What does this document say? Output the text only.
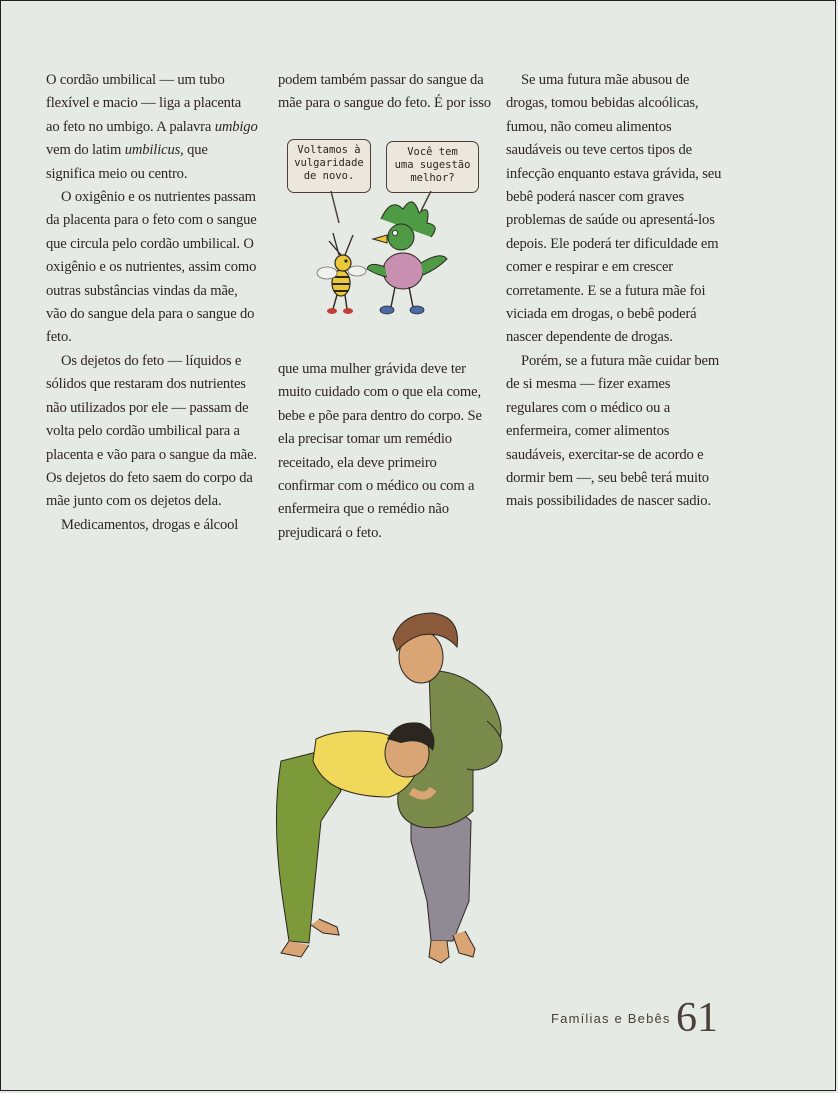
O cordão umbilical — um tubo flexível e macio — liga a placenta ao feto no umbigo. A palavra umbigo vem do latim umbilicus, que significa meio ou centro.

O oxigênio e os nutrientes passam da placenta para o feto com o sangue que circula pelo cordão umbilical. O oxigênio e os nutrientes, assim como outras substâncias vindas da mãe, vão do sangue dela para o sangue do feto.

Os dejetos do feto — líquidos e sólidos que restaram dos nutrientes não utilizados por ele — passam de volta pelo cordão umbilical para a placenta e vão para o sangue da mãe. Os dejetos do feto saem do corpo da mãe junto com os dejetos dela.

Medicamentos, drogas e álcool

podem também passar do sangue da mãe para o sangue do feto. É por isso

Voltamos à
vulgaridade
de novo.
Você tem
uma sugestão
melhor?

que uma mulher grávida deve ter muito cuidado com o que ela come, bebe e põe para dentro do corpo. Se ela precisar tomar um remédio receitado, ela deve primeiro confirmar com o médico ou com a enfermeira que o remédio não prejudicará o feto.

Se uma futura mãe abusou de drogas, tomou bebidas alcoólicas, fumou, não comeu alimentos saudáveis ou teve certos tipos de infecção enquanto estava grávida, seu bebê poderá nascer com graves problemas de saúde ou apresentá-los depois. Ele poderá ter dificuldade em comer e respirar e em crescer corretamente. E se a futura mãe foi viciada em drogas, o bebê poderá nascer dependente de drogas.

Porém, se a futura mãe cuidar bem de si mesma — fizer exames regulares com o médico ou a enfermeira, comer alimentos saudáveis, exercitar-se de acordo e dormir bem —, seu bebê terá muito mais possibilidades de nascer sadio.

Famílias e Bebês 61
